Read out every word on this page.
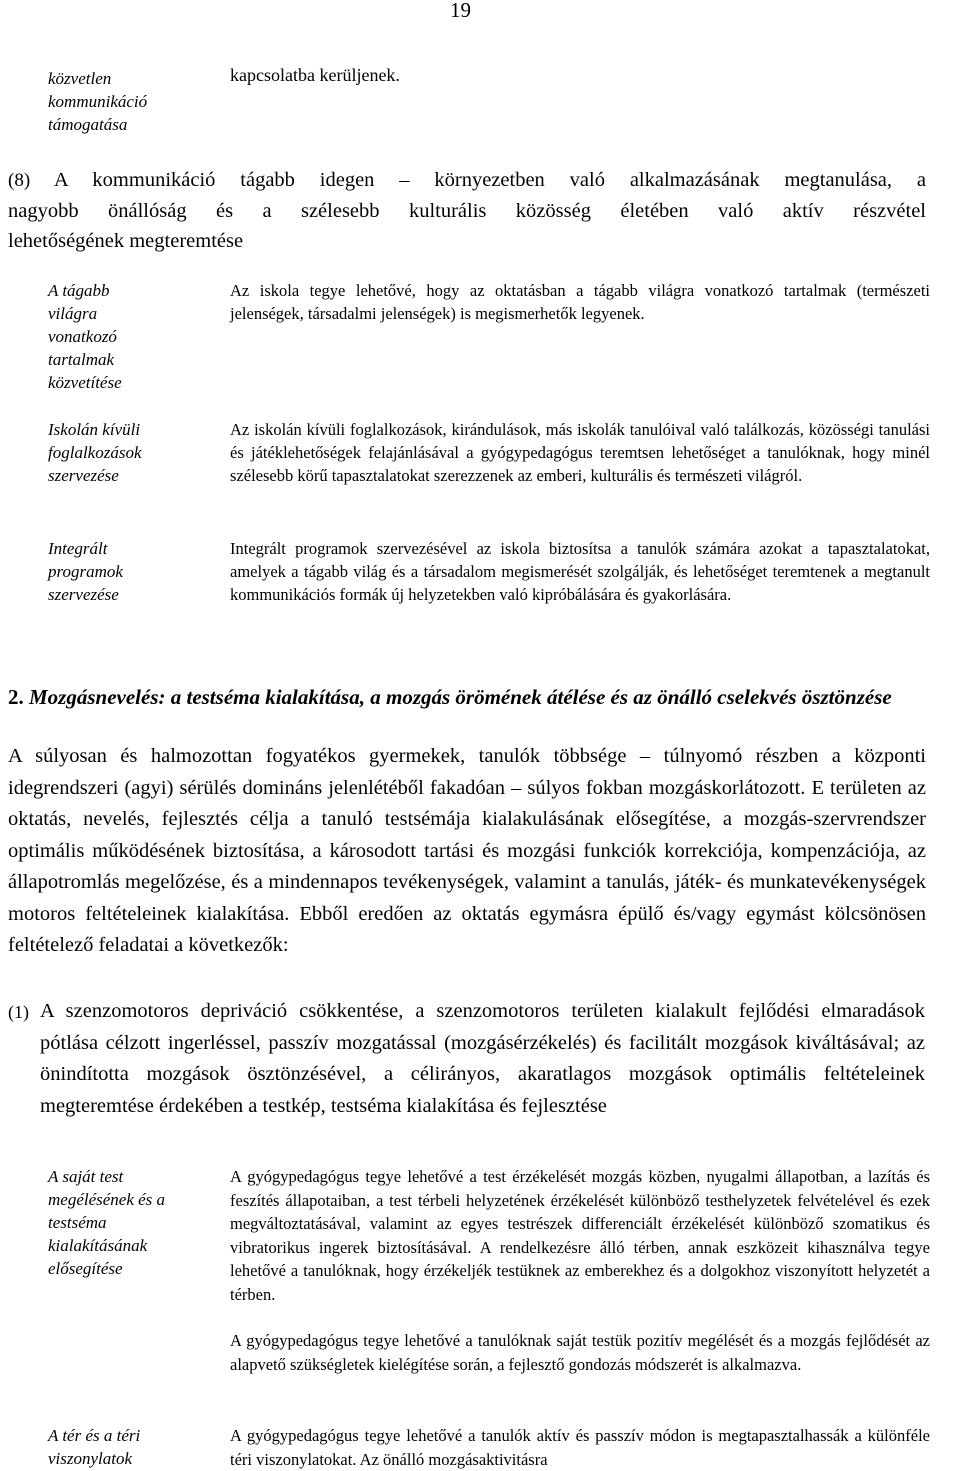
19
közvetlen kommunikáció támogatása
kapcsolatba kerüljenek.
(8) A kommunikáció tágabb idegen – környezetben való alkalmazásának megtanulása, a
nagyobb önállóság és a szélesebb kulturális közösség életében való aktív részvétel
lehetőségének megteremtése
A tágabb világra vonatkozó tartalmak közvetítése
Az iskola tegye lehetővé, hogy az oktatásban a tágabb világra vonatkozó tartalmak (természeti jelenségek, társadalmi jelenségek) is megismerhetők legyenek.
Iskolán kívüli foglalkozások szervezése
Az iskolán kívüli foglalkozások, kirándulások, más iskolák tanulóival való találkozás, közösségi tanulási és játéklehetőségek felajánlásával a gyógypedagógus teremtsen lehetőséget a tanulóknak, hogy minél szélesebb körű tapasztalatokat szerezzenek az emberi, kulturális és természeti világról.
Integrált programok szervezése
Integrált programok szervezésével az iskola biztosítsa a tanulók számára azokat a tapasztalatokat, amelyek a tágabb világ és a társadalom megismerését szolgálják, és lehetőséget teremtenek a megtanult kommunikációs formák új helyzetekben való kipróbálására és gyakorlására.
2. Mozgásnevelés: a testséma kialakítása, a mozgás örömének átélése és az önálló cselekvés ösztönzése
A súlyosan és halmozottan fogyatékos gyermekek, tanulók többsége – túlnyomó részben a központi idegrendszeri (agyi) sérülés domináns jelenlétéből fakadóan – súlyos fokban mozgáskorlátozott. E területen az oktatás, nevelés, fejlesztés célja a tanuló testsémája kialakulásának elősegítése, a mozgás-szervrendszer optimális működésének biztosítása, a károsodott tartási és mozgási funkciók korrekciója, kompenzációja, az állapotromlás megelőzése, és a mindennapos tevékenységek, valamint a tanulás, játék- és munkatevékenységek motoros feltételeinek kialakítása. Ebből eredően az oktatás egymásra épülő és/vagy egymást kölcsönösen feltételező feladatai a következők:
(1) A szenzomotoros depriváció csökkentése, a szenzomotoros területen kialakult fejlődési elmaradások pótlása célzott ingerléssel, passzív mozgatással (mozgásérzékelés) és facilitált mozgások kiváltásával; az önindította mozgások ösztönzésével, a célirányos, akaratlagos mozgások optimális feltételeinek megteremtése érdekében a testkép, testséma kialakítása és fejlesztése
A saját test megélésének és a testséma kialakításának elősegítése
A gyógypedagógus tegye lehetővé a test érzékelését mozgás közben, nyugalmi állapotban, a lazítás és feszítés állapotaiban, a test térbeli helyzetének érzékelését különböző testhelyzetek felvételével és ezek megváltoztatásával, valamint az egyes testrészek differenciált érzékelését különböző szomatikus és vibratorikus ingerek biztosításával. A rendelkezésre álló térben, annak eszközeit kihasználva tegye lehetővé a tanulóknak, hogy érzékeljék testüknek az emberekhez és a dolgokhoz viszonyított helyzetét a térben.
A gyógypedagógus tegye lehetővé a tanulóknak saját testük pozitív megélését és a mozgás fejlődését az alapvető szükségletek kielégítése során, a fejlesztő gondozás módszerét is alkalmazva.
A tér és a téri viszonylatok
A gyógypedagógus tegye lehetővé a tanulók aktív és passzív módon is megtapasztalhassák a különféle téri viszonylatokat. Az önálló mozgásaktivitásra
